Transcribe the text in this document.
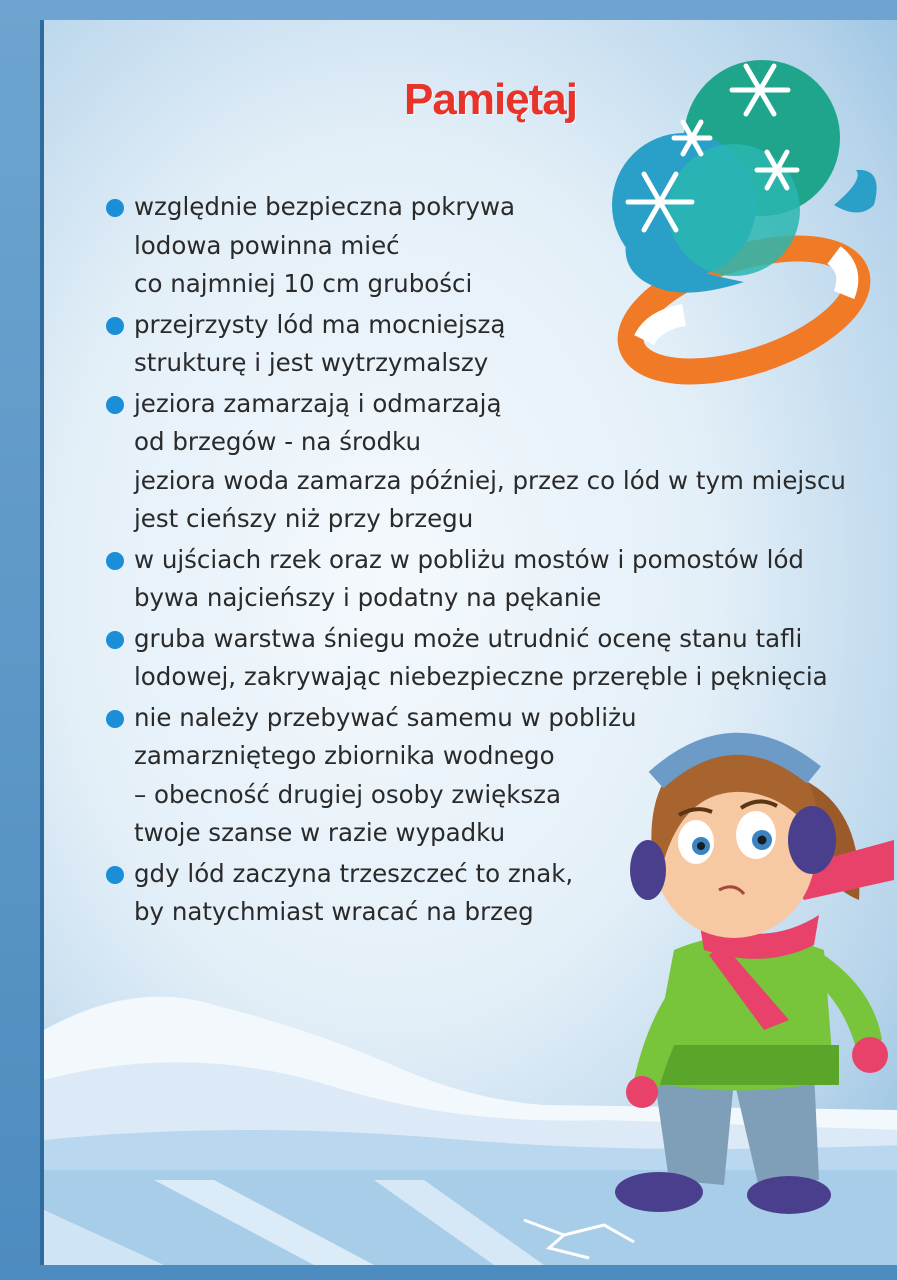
Pamiętaj
względnie bezpieczna pokrywa
lodowa powinna mieć
co najmniej 10 cm grubości
przejrzysty lód ma mocniejszą
strukturę i jest wytrzymalszy
jeziora zamarzają i odmarzają
od brzegów - na środku
jeziora woda zamarza później, przez co lód w tym miejscu
jest cieńszy niż przy brzegu
w ujściach rzek oraz w pobliżu mostów i pomostów lód
bywa najcieńszy i podatny na pękanie
gruba warstwa śniegu może utrudnić ocenę stanu tafli
lodowej, zakrywając niebezpieczne przeręble i pęknięcia
nie należy przebywać samemu w pobliżu
zamarzniętego zbiornika wodnego
– obecność drugiej osoby zwiększa
twoje szanse w razie wypadku
gdy lód zaczyna trzeszczeć to znak,
by natychmiast wracać na brzeg
